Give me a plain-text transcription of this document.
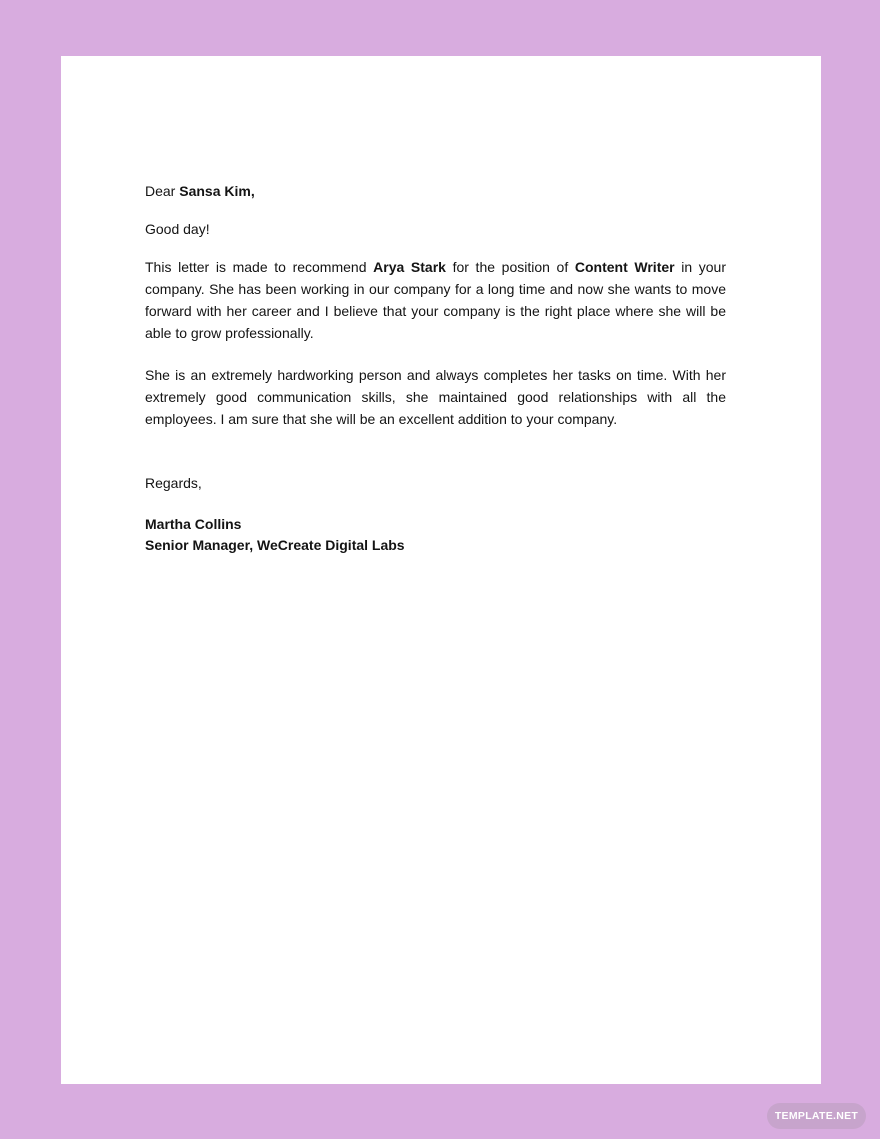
Dear Sansa Kim,

Good day!

This letter is made to recommend Arya Stark for the position of Content Writer in your company. She has been working in our company for a long time and now she wants to move forward with her career and I believe that your company is the right place where she will be able to grow professionally.

She is an extremely hardworking person and always completes her tasks on time. With her extremely good communication skills, she maintained good relationships with all the employees. I am sure that she will be an excellent addition to your company.

Regards,

Martha Collins

Senior Manager, WeCreate Digital Labs

TEMPLATE.NET
